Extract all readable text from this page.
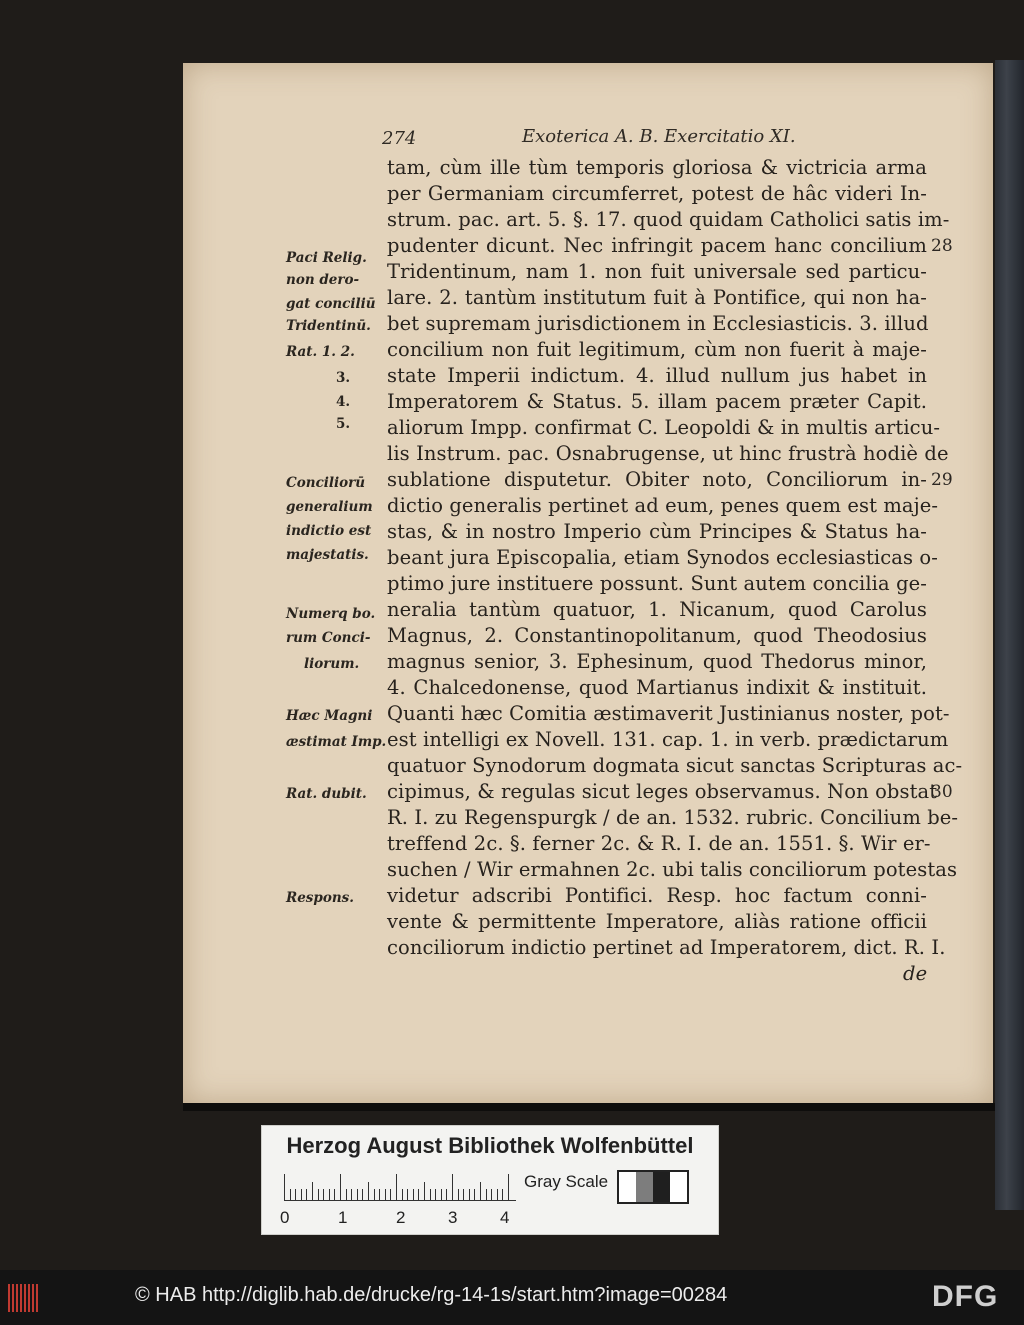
274	Exoterica A. B. Exercitatio XI.
tam, cùm ille tùm temporis gloriosa & victricia arma
per Germaniam circumferret, potest de hâc videri In-
strum. pac. art. 5. §. 17. quod quidam Catholici satis im-
pudenter dicunt. Nec infringit pacem hanc concilium
Tridentinum, nam 1. non fuit universale sed particu-
lare. 2. tantùm institutum fuit à Pontifice, qui non ha-
bet supremam jurisdictionem in Ecclesiasticis. 3. illud
concilium non fuit legitimum, cùm non fuerit à maje-
state Imperii indictum. 4. illud nullum jus habet in
Imperatorem & Status. 5. illam pacem præter Capit.
aliorum Impp. confirmat C. Leopoldi & in multis articu-
lis Instrum. pac. Osnabrugense, ut hinc frustrà hodiè de
sublatione disputetur. Obiter noto, Conciliorum in-
dictio generalis pertinet ad eum, penes quem est maje-
stas, & in nostro Imperio cùm Principes & Status ha-
beant jura Episcopalia, etiam Synodos ecclesiasticas o-
ptimo jure instituere possunt. Sunt autem concilia ge-
neralia tantùm quatuor, 1. Nicanum, quod Carolus
Magnus, 2. Constantinopolitanum, quod Theodosius
magnus senior, 3. Ephesinum, quod Thedorus minor,
4. Chalcedonense, quod Martianus indixit & instituit.
Quanti hæc Comitia æstimaverit Justinianus noster, pot-
est intelligi ex Novell. 131. cap. 1. in verb. prædictarum
quatuor Synodorum dogmata sicut sanctas Scripturas ac-
cipimus, & regulas sicut leges observamus. Non obstat
R. I. zu Regenspurgk / de an. 1532. rubric. Concilium be-
treffend 2c. §. ferner 2c. & R. I. de an. 1551. §. Wir er-
suchen / Wir ermahnen 2c. ubi talis conciliorum potestas
videtur adscribi Pontifici. Resp. hoc factum conni-
vente & permittente Imperatore, aliàs ratione officii
conciliorum indictio pertinet ad Imperatorem, dict. R. I.
de
Paci Relig.
non dero-
gat conciliū
Tridentinū.
Rat. 1. 2.
3.
4.
5.
Conciliorū
generalium
indictio est
majestatis.
Numerq bo.
rum Conci-
liorum.
Hæc Magni
æstimat Imp.
Rat. dubit.
Respons.
28
29
30
Herzog August Bibliothek Wolfenbüttel
0	1	2	3	4
Gray Scale
© HAB http://diglib.hab.de/drucke/rg-14-1s/start.htm?image=00284	DFG
